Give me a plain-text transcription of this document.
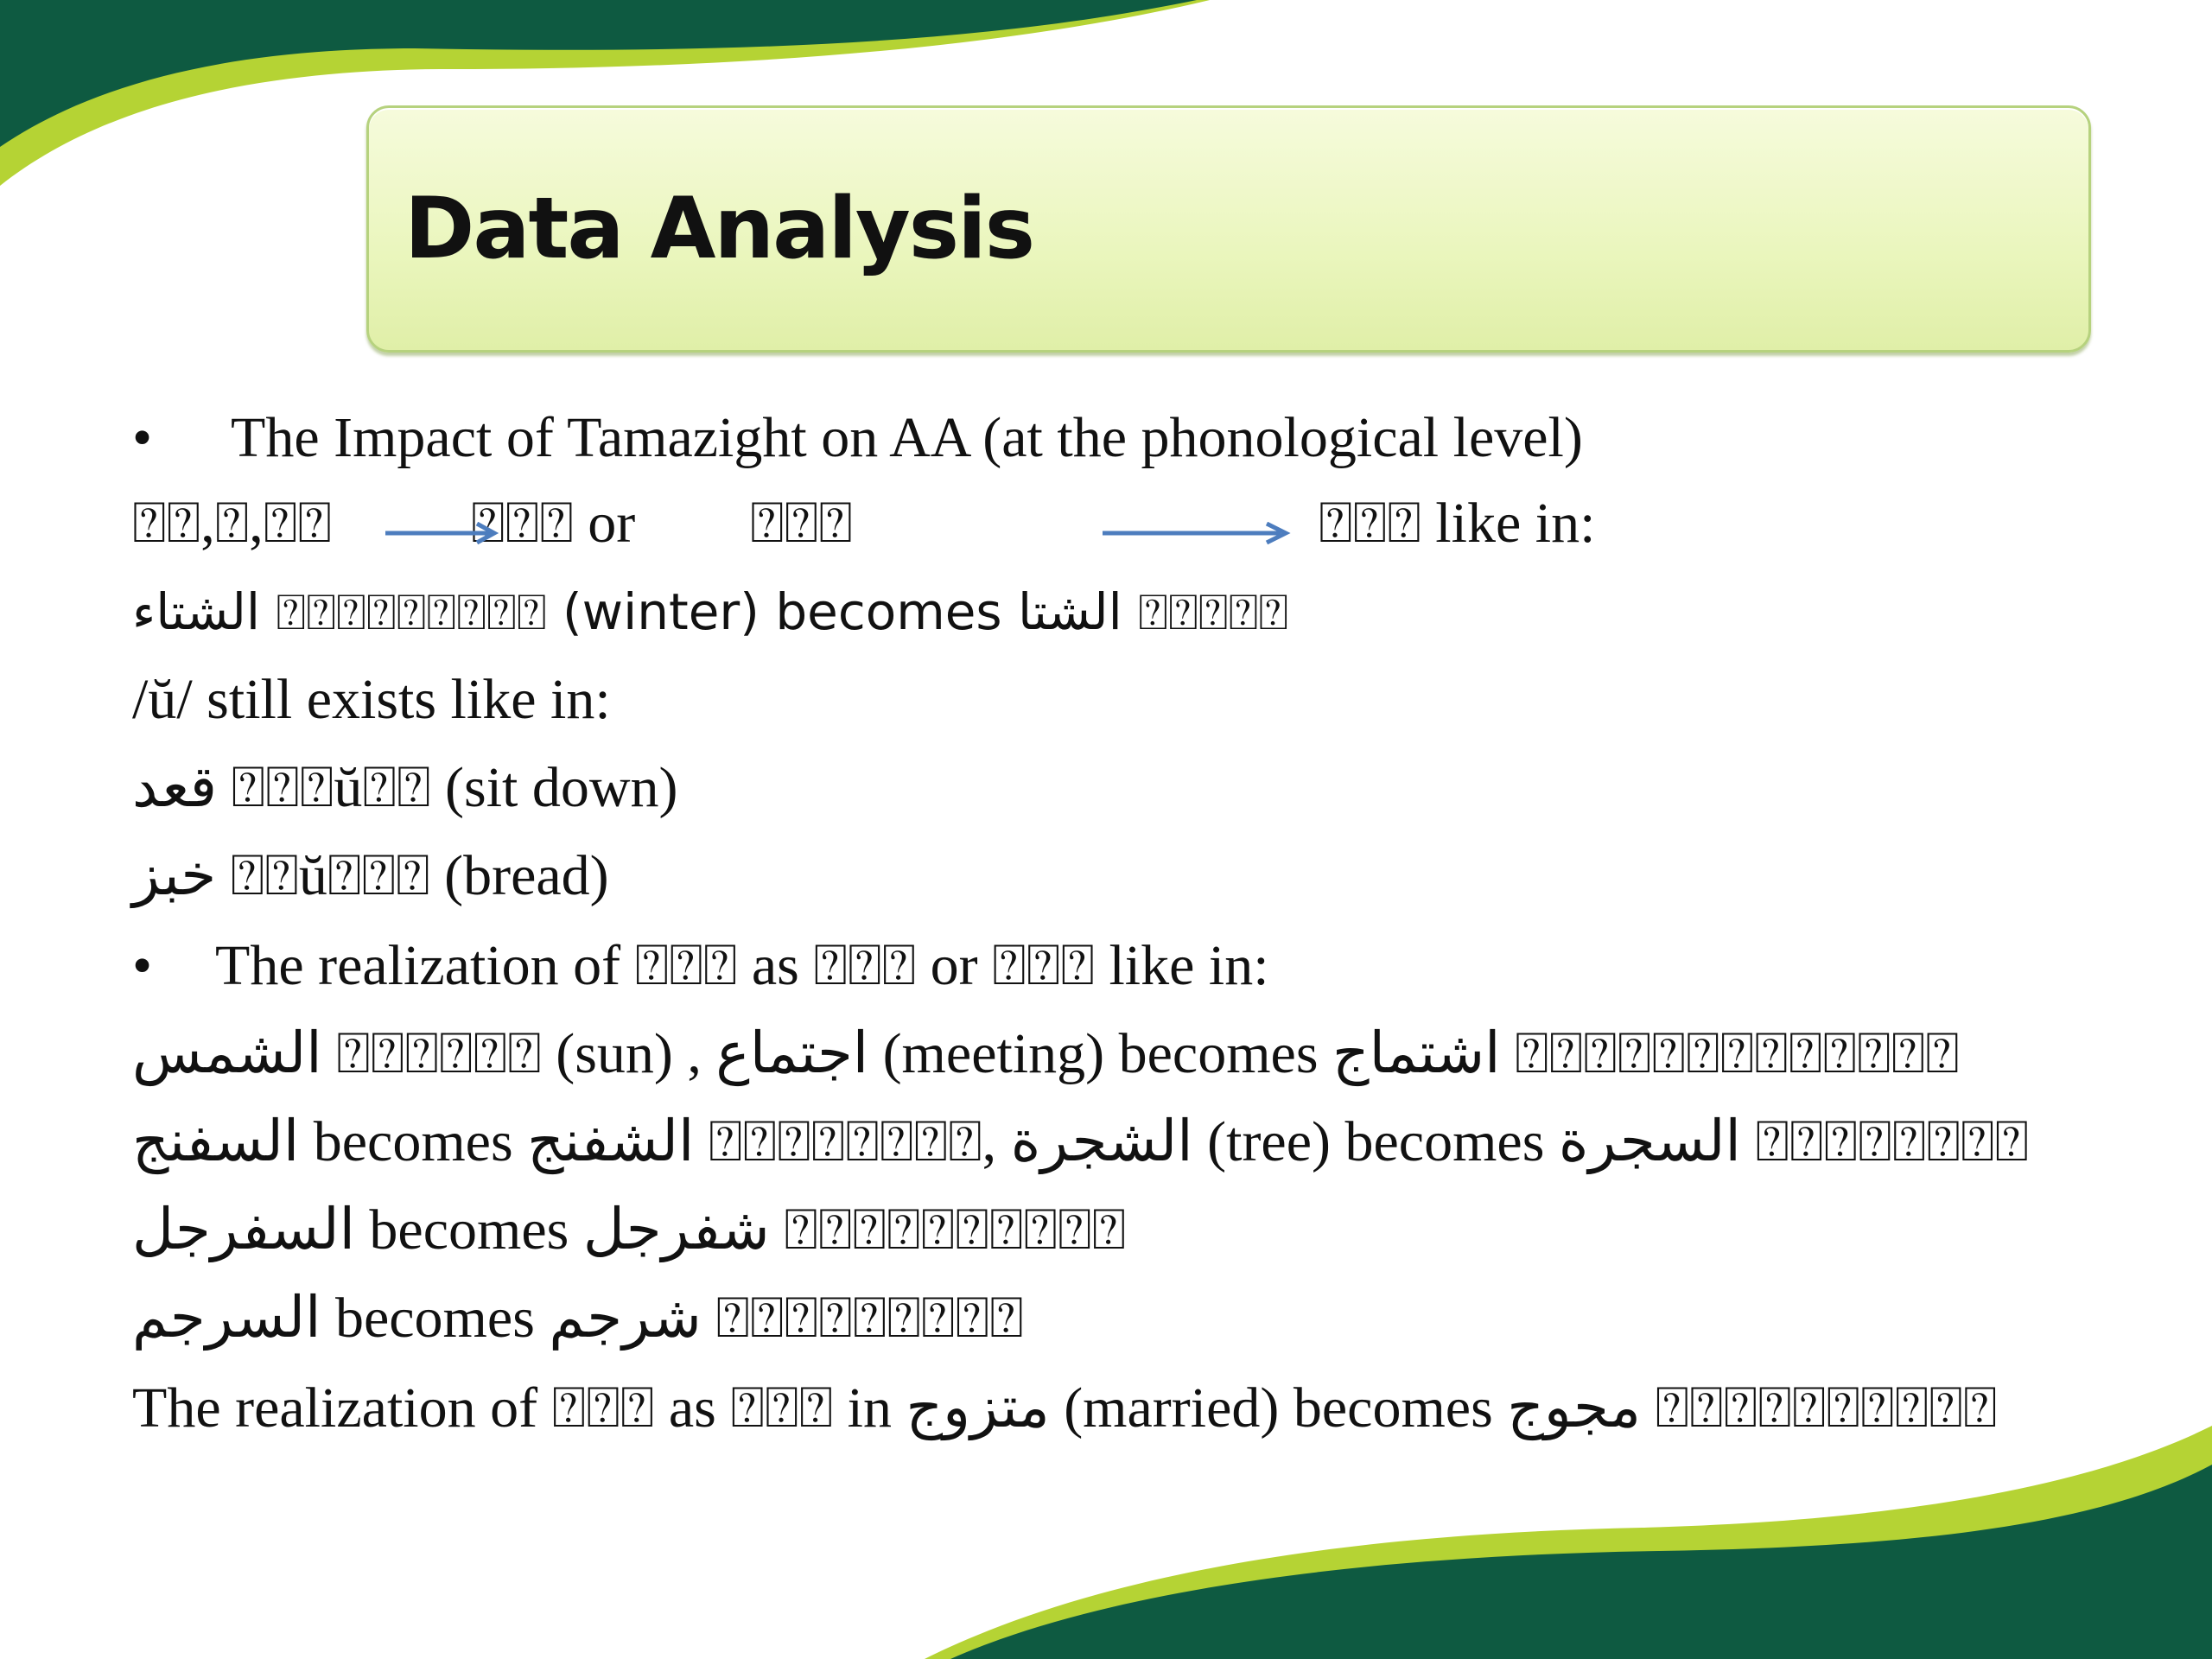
Data Analysis
• The Impact of Tamazight on AA (at the phonological level)
⍰⍰,⍰,⍰⍰ ⍰⍰⍰ or ⍰⍰⍰	⍰⍰⍰ like in:
الشتاء ⍰⍰⍰⍰⍰⍰⍰⍰⍰ (winter) becomes الشتا ⍰⍰⍰⍰⍰
/ŭ/ still exists like in:
قعد ⍰⍰⍰ŭ⍰⍰ (sit down)
خبز ⍰⍰ŭ⍰⍰⍰ (bread)
• The realization of ⍰⍰⍰ as ⍰⍰⍰ or ⍰⍰⍰ like in:
الشمس ⍰⍰⍰⍰⍰⍰ (sun) , اجتماع (meeting) becomes اشتماج ⍰⍰⍰⍰⍰⍰⍰⍰⍰⍰⍰⍰⍰
السفنج becomes الشفنج ⍰⍰⍰⍰⍰⍰⍰⍰, الشجرة (tree) becomes السجرة ⍰⍰⍰⍰⍰⍰⍰⍰
السفرجل becomes شفرجل ⍰⍰⍰⍰⍰⍰⍰⍰⍰⍰
السرجم becomes شرجم ⍰⍰⍰⍰⍰⍰⍰⍰⍰
The realization of ⍰⍰⍰ as ⍰⍰⍰ in متزوج (married) becomes مجوج ⍰⍰⍰⍰⍰⍰⍰⍰⍰⍰
